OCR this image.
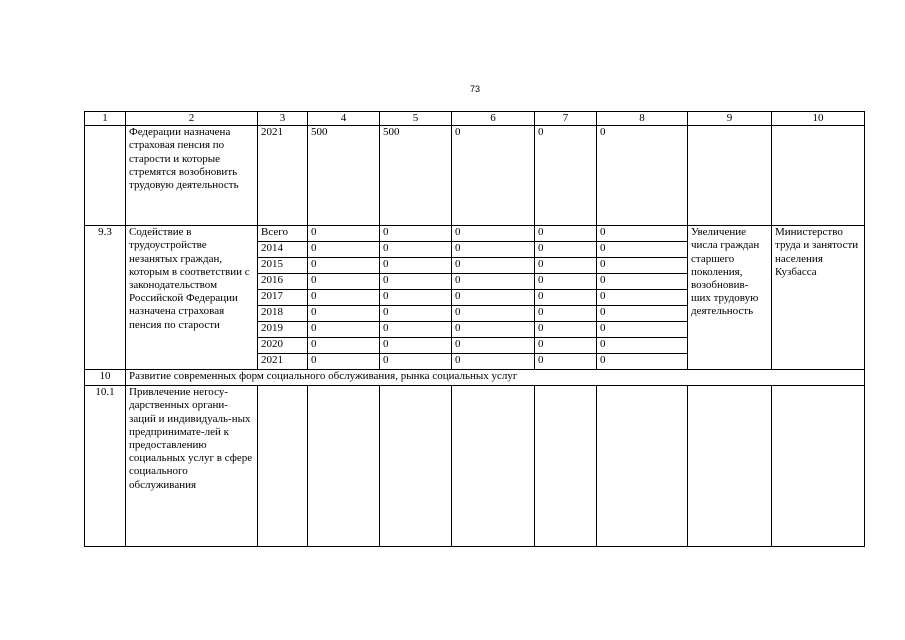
73
1	2	3	4	5	6	7	8	9	10
	Федерации назначена страховая пенсия по старости и которые стремятся возобновить трудовую деятельность	2021	500	500	0	0	0		
9.3	Содействие в трудоустройстве незанятых граждан, которым в соответствии с законодательством Российской Федерации назначена страховая пенсия по старости	Всего	0	0	0	0	0	Увеличение числа граждан старшего поколения, возобновив-ших трудовую деятельность	Министерство труда и занятости населения Кузбасса
		2014	0	0	0	0	0		
		2015	0	0	0	0	0		
		2016	0	0	0	0	0		
		2017	0	0	0	0	0		
		2018	0	0	0	0	0		
		2019	0	0	0	0	0		
		2020	0	0	0	0	0		
		2021	0	0	0	0	0		
10	Развитие современных форм социального обслуживания, рынка социальных услуг								
10.1	Привлечение негосу-дарственных органи-заций и индивидуаль-ных предпринимате-лей к предоставлению социальных услуг в сфере социального обслуживания								
